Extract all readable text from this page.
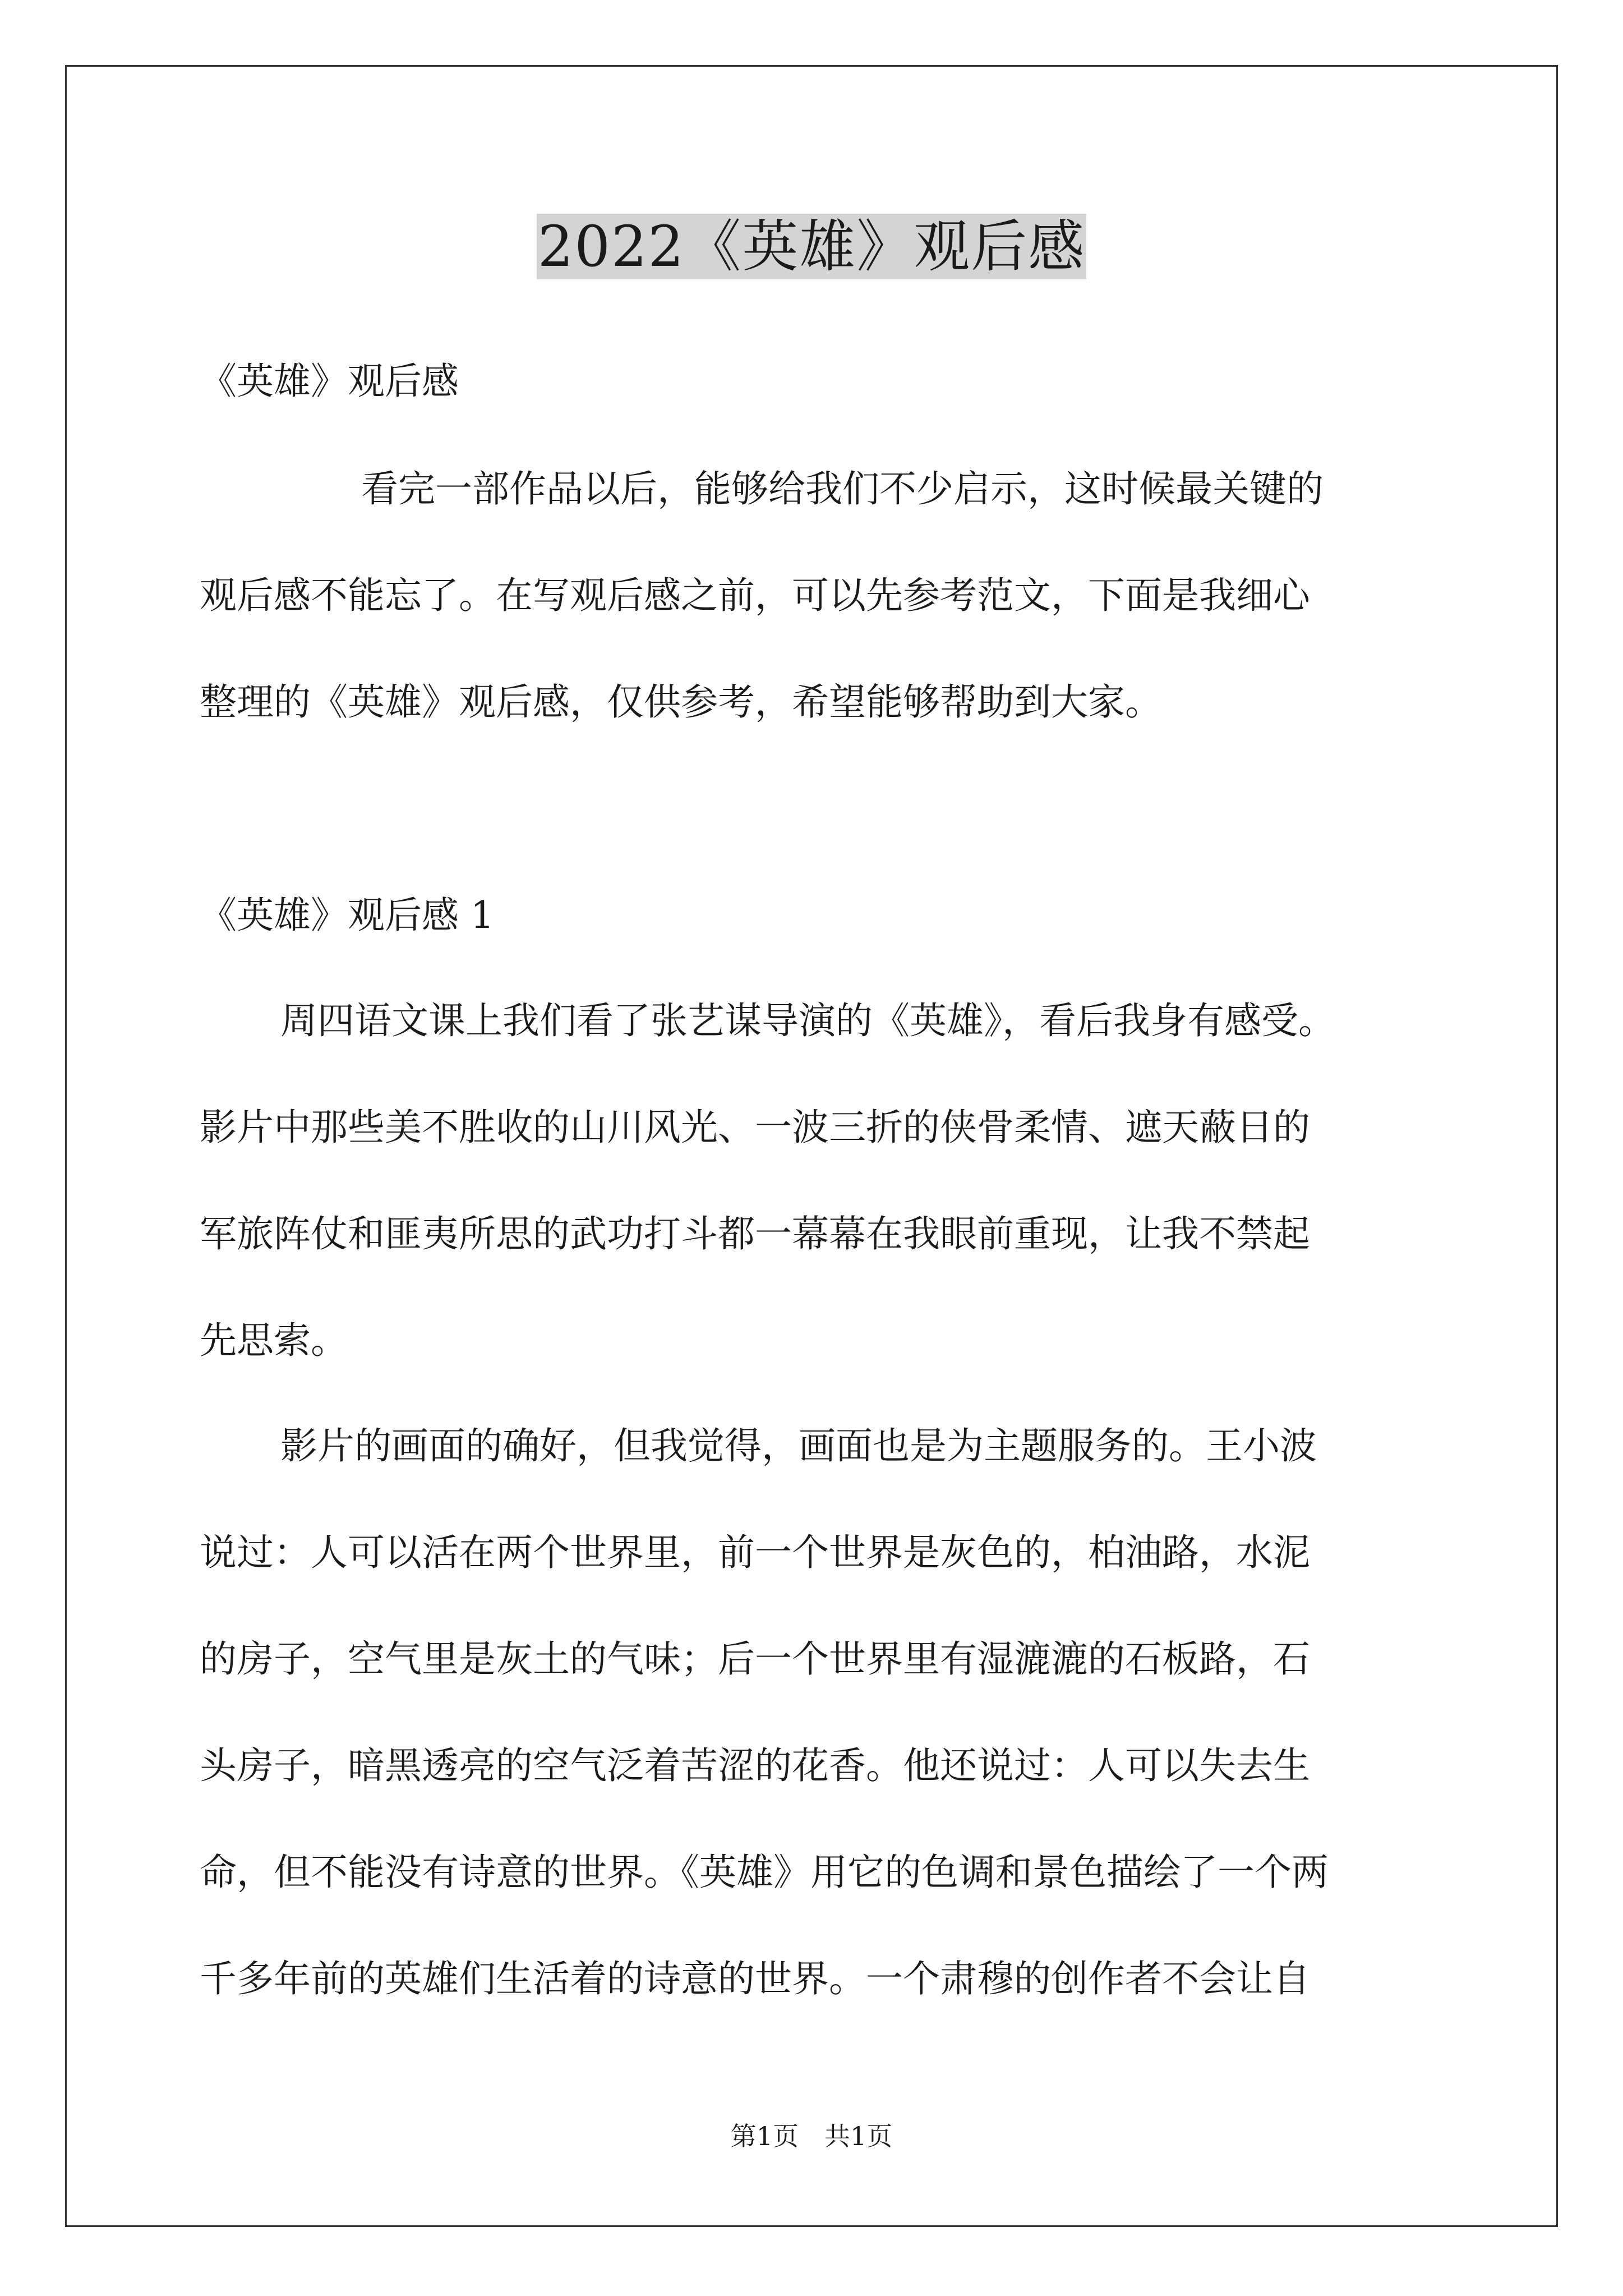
2022《英雄》观后感
《英雄》观后感
看完一部作品以后，能够给我们不少启示，这时候最关键的
观后感不能忘了。在写观后感之前，可以先参考范文，下面是我细心
整理的《英雄》观后感，仅供参考，希望能够帮助到大家。
《英雄》观后感 1
周四语文课上我们看了张艺谋导演的《英雄》，看后我身有感受。
影片中那些美不胜收的山川风光、一波三折的侠骨柔情、遮天蔽日的
军旅阵仗和匪夷所思的武功打斗都一幕幕在我眼前重现，让我不禁起
先思索。
影片的画面的确好，但我觉得，画面也是为主题服务的。王小波
说过：人可以活在两个世界里，前一个世界是灰色的，柏油路，水泥
的房子，空气里是灰土的气味；后一个世界里有湿漉漉的石板路，石
头房子，暗黑透亮的空气泛着苦涩的花香。他还说过：人可以失去生
命，但不能没有诗意的世界。《英雄》用它的色调和景色描绘了一个两
千多年前的英雄们生活着的诗意的世界。一个肃穆的创作者不会让自
第1页　共1页
